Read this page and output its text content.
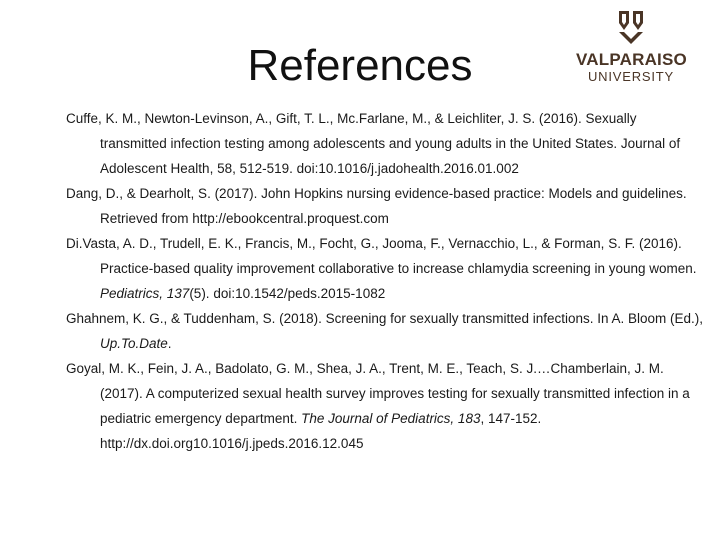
References	VALPARAISO
UNIVERSITY

Cuffe, K. M., Newton-Levinson, A., Gift, T. L., Mc.Farlane, M., & Leichliter, J. S. (2016). Sexually transmitted infection testing among adolescents and young adults in the United States. Journal of Adolescent Health, 58, 512-519. doi:10.1016/j.jadohealth.2016.01.002

Dang, D., & Dearholt, S. (2017). John Hopkins nursing evidence-based practice: Models and guidelines. Retrieved from http://ebookcentral.proquest.com

Di.Vasta, A. D., Trudell, E. K., Francis, M., Focht, G., Jooma, F., Vernacchio, L., & Forman, S. F. (2016). Practice-based quality improvement collaborative to increase chlamydia screening in young women. Pediatrics, 137(5). doi:10.1542/peds.2015-1082

Ghahnem, K. G., & Tuddenham, S. (2018). Screening for sexually transmitted infections. In A. Bloom (Ed.), Up.To.Date.

Goyal, M. K., Fein, J. A., Badolato, G. M., Shea, J. A., Trent, M. E., Teach, S. J.…Chamberlain, J. M. (2017). A computerized sexual health survey improves testing for sexually transmitted infection in a pediatric emergency department. The Journal of Pediatrics, 183, 147-152. http://dx.doi.org10.1016/j.jpeds.2016.12.045
